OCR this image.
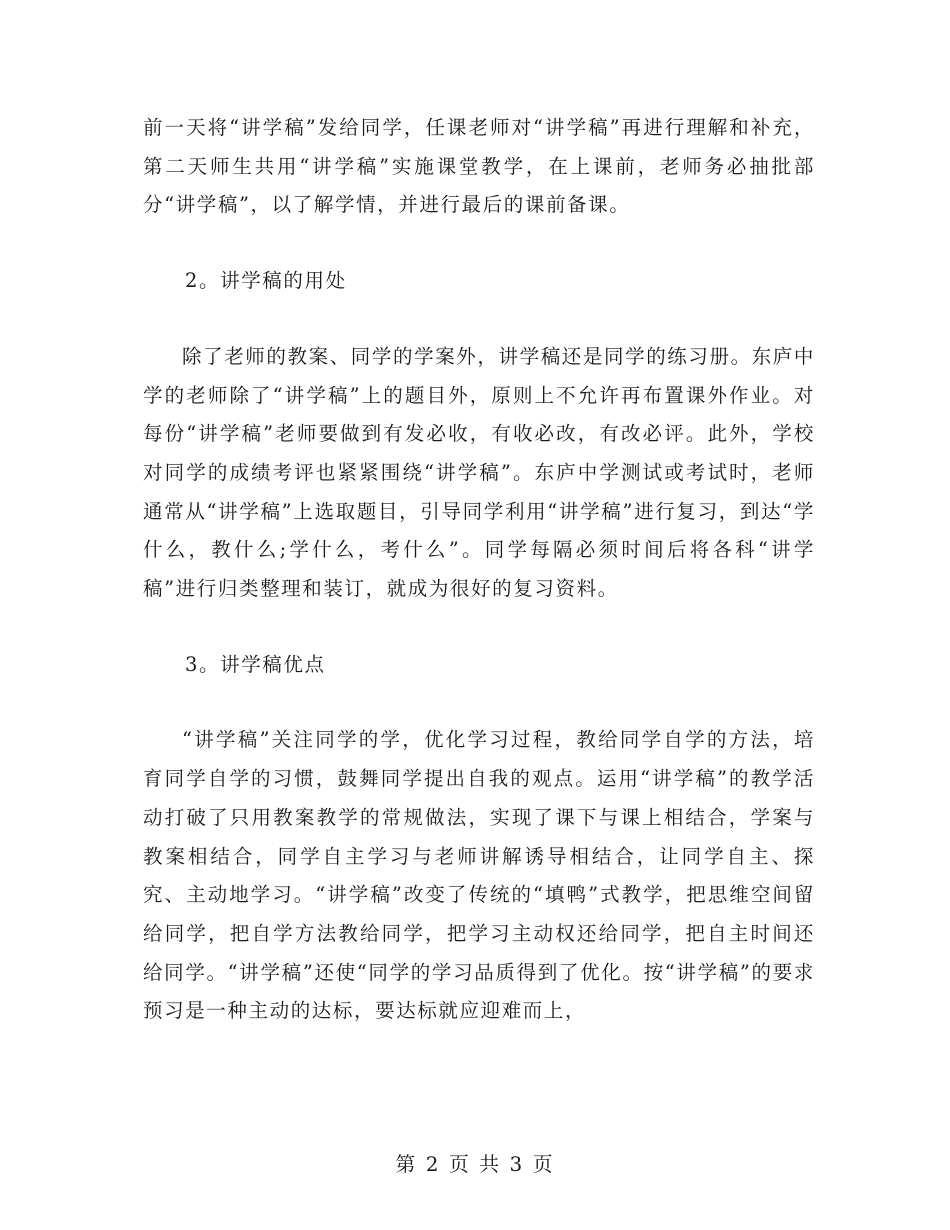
前一天将“讲学稿”发给同学，任课老师对“讲学稿”再进行理解和补充，第二天师生共用“讲学稿”实施课堂教学，在上课前，老师务必抽批部分“讲学稿”，以了解学情，并进行最后的课前备课。

2。讲学稿的用处

除了老师的教案、同学的学案外，讲学稿还是同学的练习册。东庐中学的老师除了“讲学稿”上的题目外，原则上不允许再布置课外作业。对每份“讲学稿”老师要做到有发必收，有收必改，有改必评。此外，学校对同学的成绩考评也紧紧围绕“讲学稿”。东庐中学测试或考试时，老师通常从“讲学稿”上选取题目，引导同学利用“讲学稿”进行复习，到达“学什么，教什么;学什么，考什么”。同学每隔必须时间后将各科“讲学稿”进行归类整理和装订，就成为很好的复习资料。

3。讲学稿优点

“讲学稿”关注同学的学，优化学习过程，教给同学自学的方法，培育同学自学的习惯，鼓舞同学提出自我的观点。运用“讲学稿”的教学活动打破了只用教案教学的常规做法，实现了课下与课上相结合，学案与教案相结合，同学自主学习与老师讲解诱导相结合，让同学自主、探究、主动地学习。“讲学稿”改变了传统的“填鸭”式教学，把思维空间留给同学，把自学方法教给同学，把学习主动权还给同学，把自主时间还给同学。“讲学稿”还使“同学的学习品质得到了优化。按“讲学稿”的要求预习是一种主动的达标，要达标就应迎难而上，

第 2 页 共 3 页
